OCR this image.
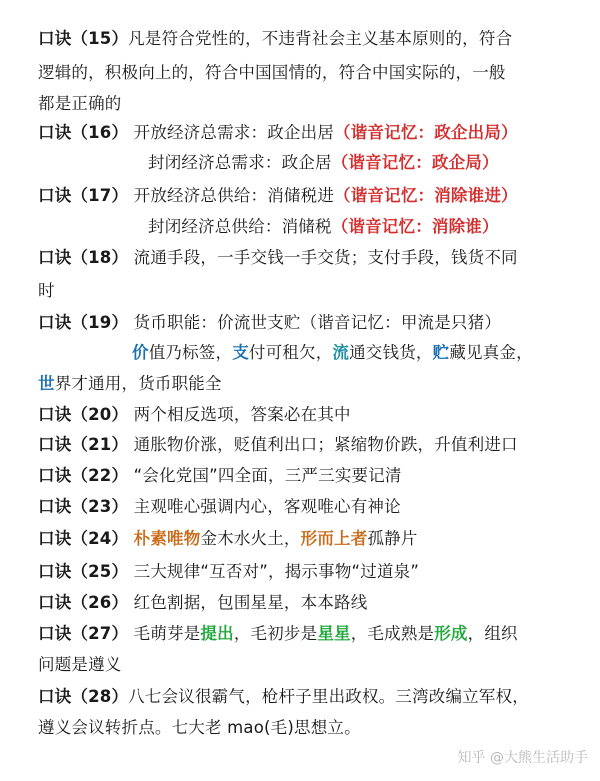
口诀（15）凡是符合党性的，不违背社会主义基本原则的，符合
逻辑的，积极向上的，符合中国国情的，符合中国实际的，一般
都是正确的
口诀（16） 开放经济总需求：政企出居（谐音记忆：政企出局）
封闭经济总需求：政企居（谐音记忆：政企局）
口诀（17） 开放经济总供给：消储税进（谐音记忆：消除谁进）
封闭经济总供给：消储税（谐音记忆：消除谁）
口诀（18） 流通手段，一手交钱一手交货；支付手段，钱货不同
时
口诀（19） 货币职能：价流世支贮（谐音记忆：甲流是只猪）
价值乃标签，支付可租欠，流通交钱货，贮藏见真金，
世界才通用，货币职能全
口诀（20） 两个相反选项，答案必在其中
口诀（21） 通胀物价涨，贬值利出口；紧缩物价跌，升值利进口
口诀（22） “会化党国”四全面，三严三实要记清
口诀（23） 主观唯心强调内心，客观唯心有神论
口诀（24） 朴素唯物金木水火土，形而上者孤静片
口诀（25） 三大规律“互否对”，揭示事物“过道泉”
口诀（26） 红色割据，包围星星，本本路线
口诀（27） 毛萌芽是提出，毛初步是星星，毛成熟是形成，组织
问题是遵义
口诀（28）八七会议很霸气，枪杆子里出政权。三湾改编立军权，
遵义会议转折点。七大老 mao(毛)思想立。
知乎 @大熊生活助手
